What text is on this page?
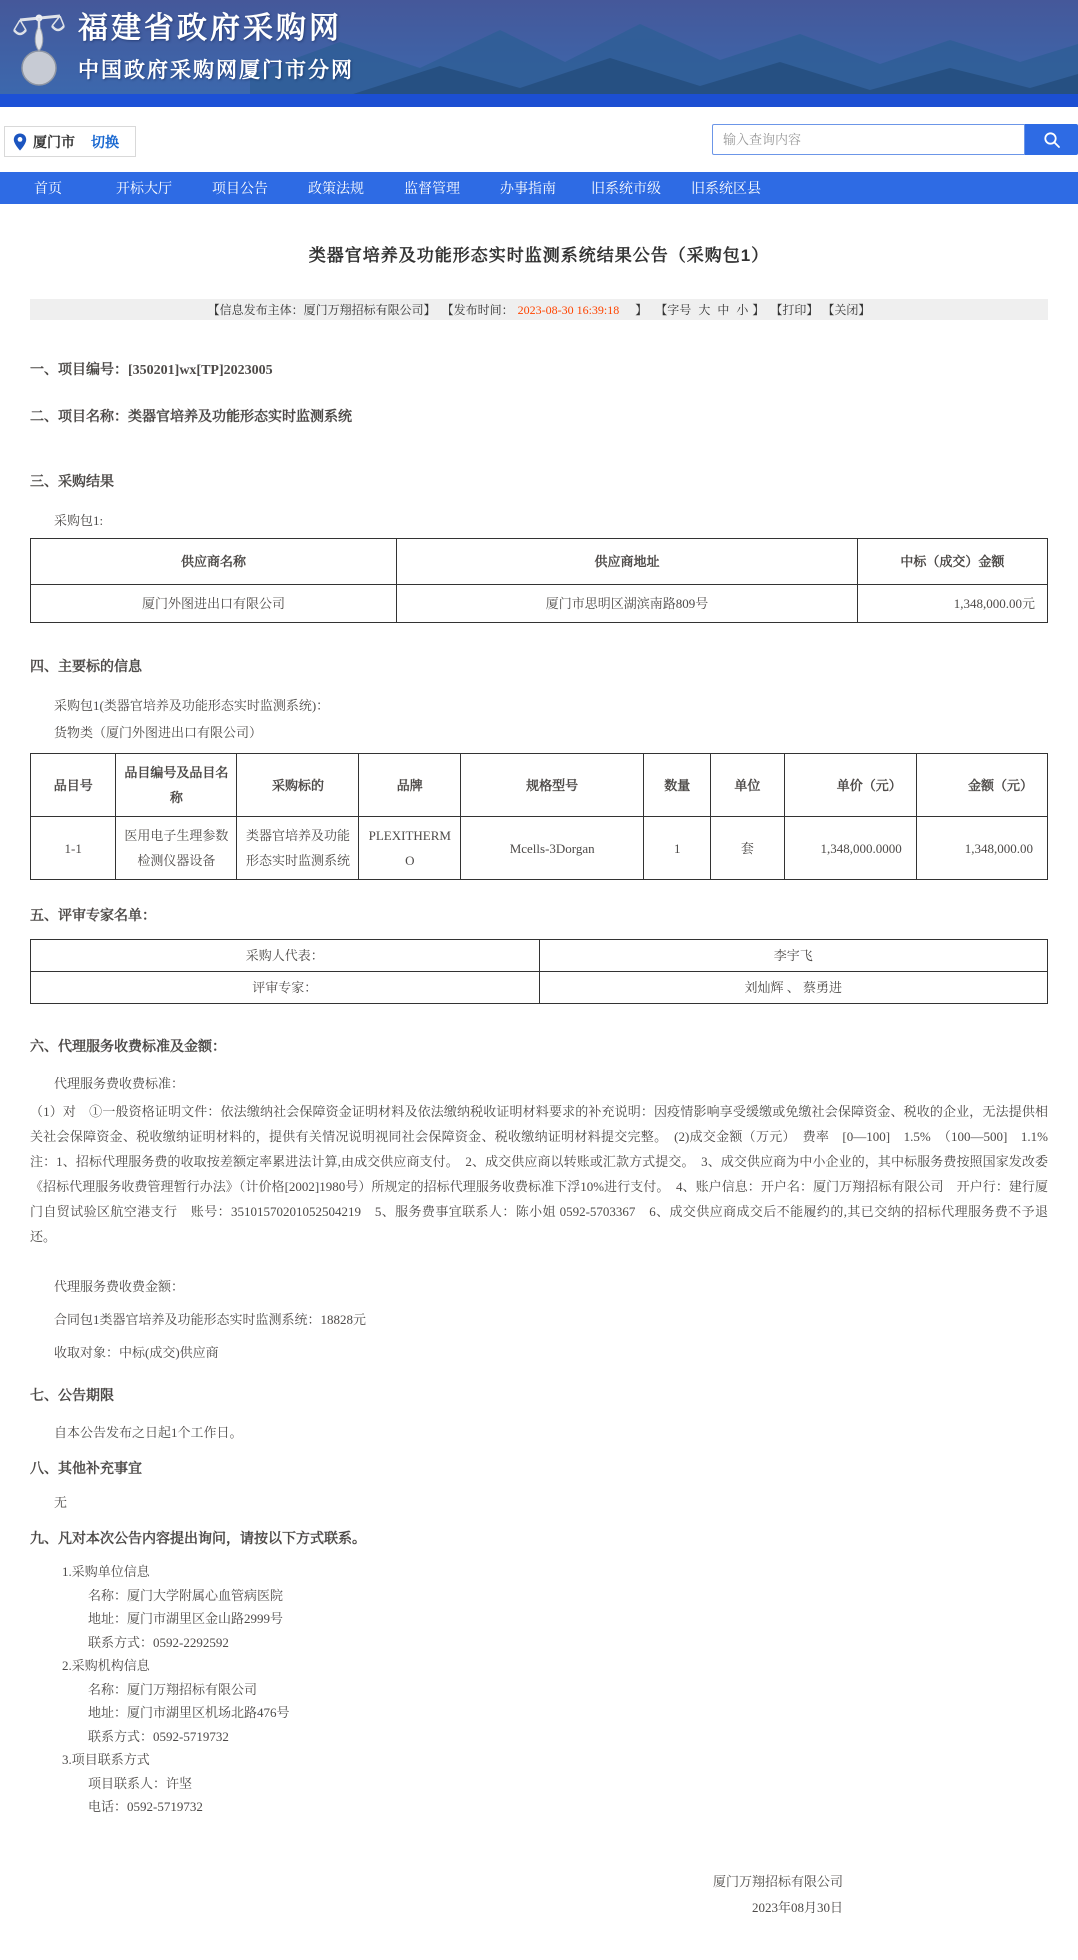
福建省政府采购网
中国政府采购网厦门市分网
厦门市 切换
输入查询内容
首页	开标大厅	项目公告	政策法规	监督管理	办事指南	旧系统市级	旧系统区县
类器官培养及功能形态实时监测系统结果公告（采购包1）
【信息发布主体：厦门万翔招标有限公司】 【发布时间： 2023-08-30 16:39:18　】 【字号 大 中 小 】 【打印】 【关闭】
一、项目编号：[350201]wx[TP]2023005
二、项目名称：类器官培养及功能形态实时监测系统
三、采购结果
采购包1:
供应商名称	供应商地址	中标（成交）金额
厦门外图进出口有限公司	厦门市思明区湖滨南路809号	1,348,000.00元
四、主要标的信息
采购包1(类器官培养及功能形态实时监测系统)：
货物类（厦门外图进出口有限公司）
品目号	品目编号及品目名称	采购标的	品牌	规格型号	数量	单位	单价（元）	金额（元）
1-1	医用电子生理参数检测仪器设备	类器官培养及功能形态实时监测系统	PLEXITHERMO	Mcells-3Dorgan	1	套	1,348,000.0000	1,348,000.00
五、评审专家名单：
采购人代表：	李宇飞
评审专家：	刘灿辉 、 蔡勇进
六、代理服务收费标准及金额：
代理服务费收费标准：
（1）对　①一般资格证明文件：依法缴纳社会保障资金证明材料及依法缴纳税收证明材料要求的补充说明：因疫情影响享受缓缴或免缴社会保障资金、税收的企业，无法提供相关社会保障资金、税收缴纳证明材料的，提供有关情况说明视同社会保障资金、税收缴纳证明材料提交完整。　(2)成交金额（万元）　费率　[0—100]　1.5%　（100—500]　1.1%　注：1、招标代理服务费的收取按差额定率累进法计算,由成交供应商支付。　2、成交供应商以转账或汇款方式提交。　3、成交供应商为中小企业的，其中标服务费按照国家发改委《招标代理服务收费管理暂行办法》（计价格[2002]1980号）所规定的招标代理服务收费标准下浮10%进行支付。　4、账户信息：开户名：厦门万翔招标有限公司　开户行：建行厦门自贸试验区航空港支行　账号：35101570201052504219　5、服务费事宜联系人：陈小姐 0592-5703367　6、成交供应商成交后不能履约的,其已交纳的招标代理服务费不予退还。
代理服务费收费金额：
合同包1类器官培养及功能形态实时监测系统：18828元
收取对象：中标(成交)供应商
七、公告期限
自本公告发布之日起1个工作日。
八、其他补充事宜
无
九、凡对本次公告内容提出询问，请按以下方式联系。
1.采购单位信息
名称：厦门大学附属心血管病医院
地址：厦门市湖里区金山路2999号
联系方式：0592-2292592
2.采购机构信息
名称：厦门万翔招标有限公司
地址：厦门市湖里区机场北路476号
联系方式：0592-5719732
3.项目联系方式
项目联系人：许坚
电话：0592-5719732
厦门万翔招标有限公司
2023年08月30日
